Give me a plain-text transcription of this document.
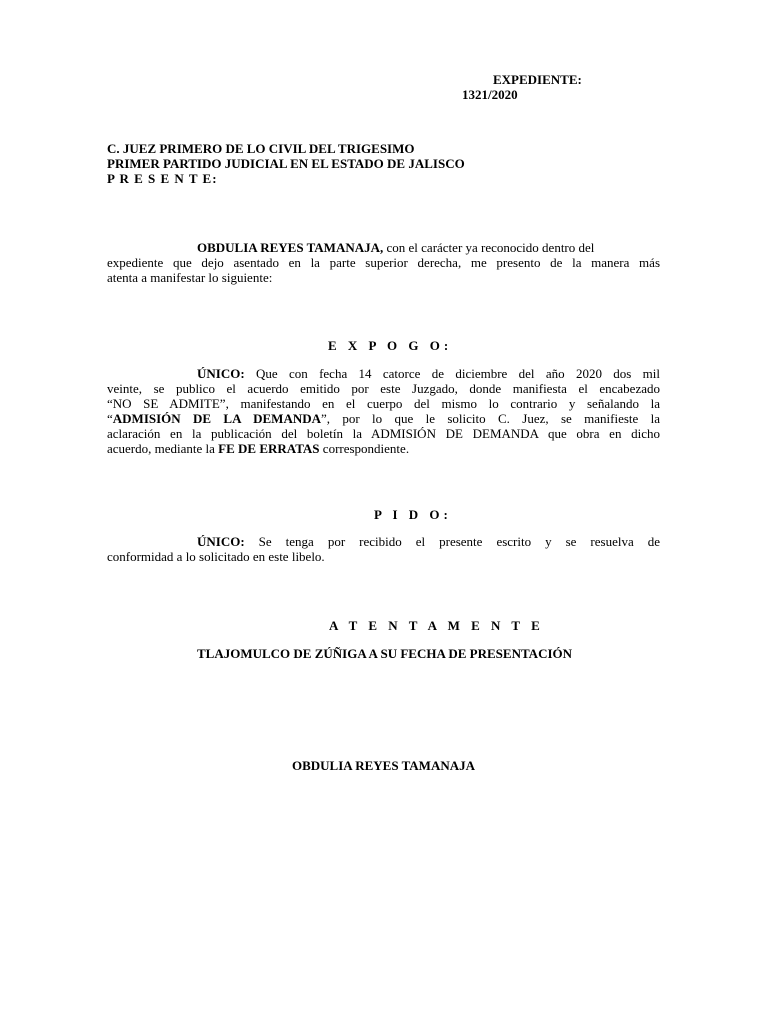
EXPEDIENTE:
1321/2020
C. JUEZ PRIMERO DE LO CIVIL DEL TRIGESIMO
PRIMER PARTIDO JUDICIAL EN EL ESTADO DE JALISCO
P R E S E N T E:
OBDULIA REYES TAMANAJA, con el carácter ya reconocido dentro del
expediente que dejo asentado en la parte superior derecha, me presento de la manera más
atenta a manifestar lo siguiente:
E X P O G O:
ÚNICO: Que con fecha 14 catorce de diciembre del año 2020 dos mil
veinte, se publico el acuerdo emitido por este Juzgado, donde manifiesta el encabezado
“NO SE ADMITE”, manifestando en el cuerpo del mismo lo contrario y señalando la
“ADMISIÓN DE LA DEMANDA”, por lo que le solicito C. Juez, se manifieste la
aclaración en la publicación del boletín la ADMISIÓN DE DEMANDA que obra en dicho
acuerdo, mediante la FE DE ERRATAS correspondiente.
P I D O:
ÚNICO: Se tenga por recibido el presente escrito y se resuelva de
conformidad a lo solicitado en este libelo.
A T E N T A M E N T E
TLAJOMULCO DE ZÚÑIGA A SU FECHA DE PRESENTACIÓN
OBDULIA REYES TAMANAJA
